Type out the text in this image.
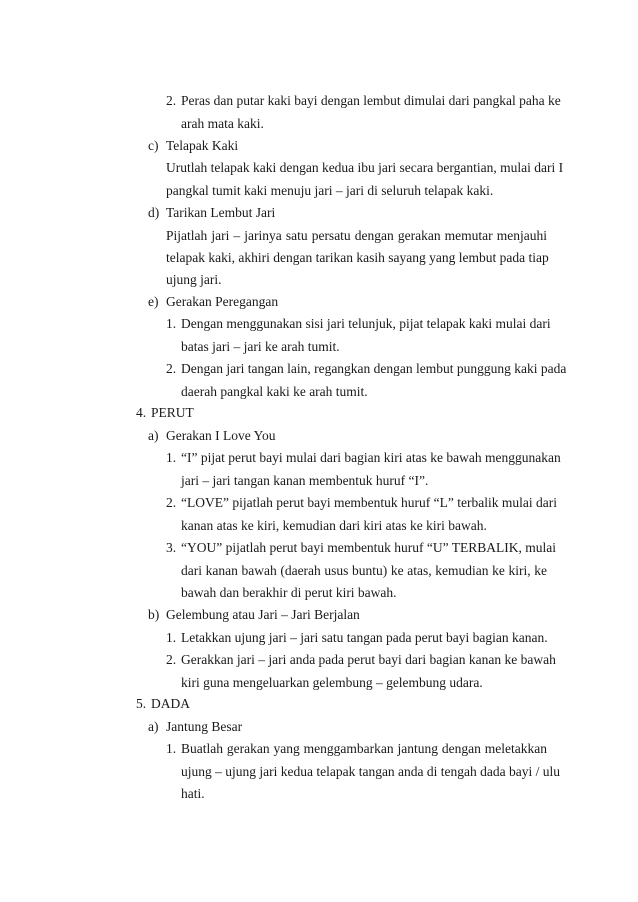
2. Peras dan putar kaki bayi dengan lembut dimulai dari pangkal paha ke
arah mata kaki.
c) Telapak Kaki
Urutlah telapak kaki dengan kedua ibu jari secara bergantian, mulai dari I
pangkal tumit kaki menuju jari – jari di seluruh telapak kaki.
d) Tarikan Lembut Jari
Pijatlah jari – jarinya satu persatu dengan gerakan memutar menjauhi
telapak kaki, akhiri dengan tarikan kasih sayang yang lembut pada tiap
ujung jari.
e) Gerakan Peregangan
1. Dengan menggunakan sisi jari telunjuk, pijat telapak kaki mulai dari
batas jari – jari ke arah tumit.
2. Dengan jari tangan lain, regangkan dengan lembut punggung kaki pada
daerah pangkal kaki ke arah tumit.
4. PERUT
a) Gerakan I Love You
1. “I” pijat perut bayi mulai dari bagian kiri atas ke bawah menggunakan
jari – jari tangan kanan membentuk huruf “I”.
2. “LOVE” pijatlah perut bayi membentuk huruf “L” terbalik mulai dari
kanan atas ke kiri, kemudian dari kiri atas ke kiri bawah.
3. “YOU” pijatlah perut bayi membentuk huruf “U” TERBALIK, mulai
dari kanan bawah (daerah usus buntu) ke atas, kemudian ke kiri, ke
bawah dan berakhir di perut kiri bawah.
b) Gelembung atau Jari – Jari Berjalan
1. Letakkan ujung jari – jari satu tangan pada perut bayi bagian kanan.
2. Gerakkan jari – jari anda pada perut bayi dari bagian kanan ke bawah
kiri guna mengeluarkan gelembung – gelembung udara.
5. DADA
a) Jantung Besar
1. Buatlah gerakan yang menggambarkan jantung dengan meletakkan
ujung – ujung jari kedua telapak tangan anda di tengah dada bayi / ulu
hati.
